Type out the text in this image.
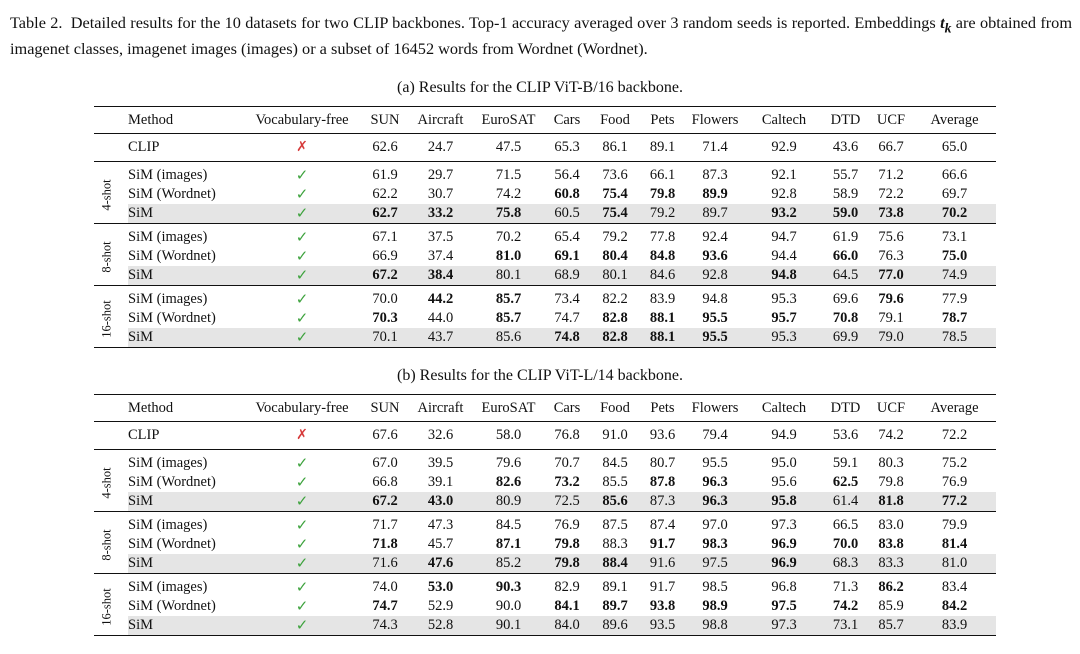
Table 2. Detailed results for the 10 datasets for two CLIP backbones. Top-1 accuracy averaged over 3 random seeds is reported. Embeddings $t_k$ are obtained from imagenet classes, imagenet images (images) or a subset of 16452 words from Wordnet (Wordnet).
(a) Results for the CLIP ViT-B/16 backbone.
	Method	Vocabulary-free	SUN	Aircraft	EuroSAT	Cars	Food	Pets	Flowers	Caltech	DTD	UCF	Average
	CLIP	✗	62.6	24.7	47.5	65.3	86.1	89.1	71.4	92.9	43.6	66.7	65.0

4-shot	SiM (images)	✓	61.9	29.7	71.5	56.4	73.6	66.1	87.3	92.1	55.7	71.2	66.6
	SiM (Wordnet)	✓	62.2	30.7	74.2	60.8	75.4	79.8	89.9	92.8	58.9	72.2	69.7
	SiM	✓	62.7	33.2	75.8	60.5	75.4	79.2	89.7	93.2	59.0	73.8	70.2

8-shot	SiM (images)	✓	67.1	37.5	70.2	65.4	79.2	77.8	92.4	94.7	61.9	75.6	73.1
	SiM (Wordnet)	✓	66.9	37.4	81.0	69.1	80.4	84.8	93.6	94.4	66.0	76.3	75.0
	SiM	✓	67.2	38.4	80.1	68.9	80.1	84.6	92.8	94.8	64.5	77.0	74.9

16-shot	SiM (images)	✓	70.0	44.2	85.7	73.4	82.2	83.9	94.8	95.3	69.6	79.6	77.9
	SiM (Wordnet)	✓	70.3	44.0	85.7	74.7	82.8	88.1	95.5	95.7	70.8	79.1	78.7
	SiM	✓	70.1	43.7	85.6	74.8	82.8	88.1	95.5	95.3	69.9	79.0	78.5
(b) Results for the CLIP ViT-L/14 backbone.
	Method	Vocabulary-free	SUN	Aircraft	EuroSAT	Cars	Food	Pets	Flowers	Caltech	DTD	UCF	Average
	CLIP	✗	67.6	32.6	58.0	76.8	91.0	93.6	79.4	94.9	53.6	74.2	72.2

4-shot	SiM (images)	✓	67.0	39.5	79.6	70.7	84.5	80.7	95.5	95.0	59.1	80.3	75.2
	SiM (Wordnet)	✓	66.8	39.1	82.6	73.2	85.5	87.8	96.3	95.6	62.5	79.8	76.9
	SiM	✓	67.2	43.0	80.9	72.5	85.6	87.3	96.3	95.8	61.4	81.8	77.2

8-shot	SiM (images)	✓	71.7	47.3	84.5	76.9	87.5	87.4	97.0	97.3	66.5	83.0	79.9
	SiM (Wordnet)	✓	71.8	45.7	87.1	79.8	88.3	91.7	98.3	96.9	70.0	83.8	81.4
	SiM	✓	71.6	47.6	85.2	79.8	88.4	91.6	97.5	96.9	68.3	83.3	81.0

16-shot	SiM (images)	✓	74.0	53.0	90.3	82.9	89.1	91.7	98.5	96.8	71.3	86.2	83.4
	SiM (Wordnet)	✓	74.7	52.9	90.0	84.1	89.7	93.8	98.9	97.5	74.2	85.9	84.2
	SiM	✓	74.3	52.8	90.1	84.0	89.6	93.5	98.8	97.3	73.1	85.7	83.9
